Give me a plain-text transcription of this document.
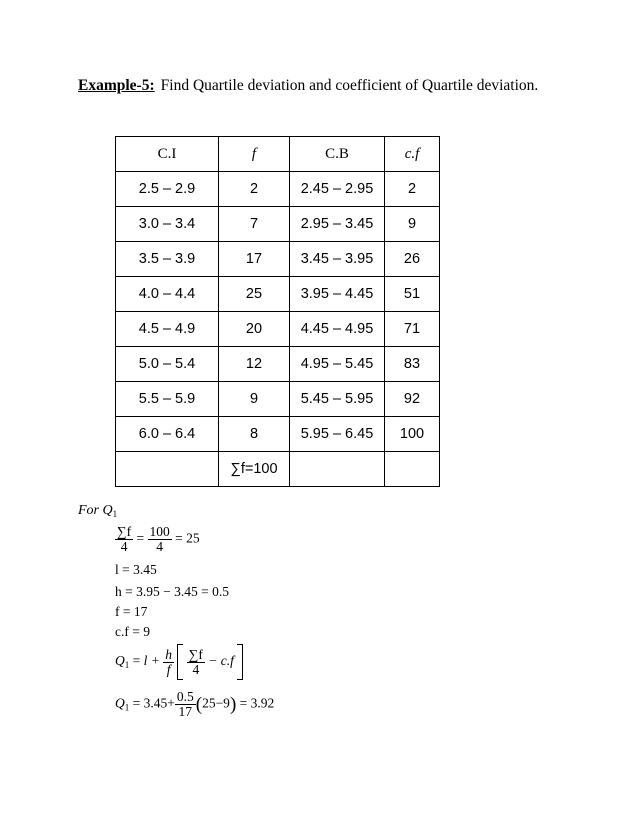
Example-5: Find Quartile deviation and coefficient of Quartile deviation.
C.I	f	C.B	c.f
2.5 – 2.9	2	2.45 – 2.95	2
3.0 – 3.4	7	2.95 – 3.45	9
3.5 – 3.9	17	3.45 – 3.95	26
4.0 – 4.4	25	3.95 – 4.45	51
4.5 – 4.9	20	4.45 – 4.95	71
5.0 – 5.4	12	4.95 – 5.45	83
5.5 – 5.9	9	5.45 – 5.95	92
6.0 – 6.4	8	5.95 – 6.45	100
	∑f=100		
For $Q_1$
$\frac{\sum f}{4} = \frac{100}{4} = 25$
l = 3.45
h = 3.95 − 3.45 = 0.5
f = 17
c.f = 9
$Q_1 = l + \frac{h}{f}$
$\frac{\sum f}{4} - c.f$
$Q_1 = 3.45+ \frac{0.5}{17} (25-9) = 3.92$
